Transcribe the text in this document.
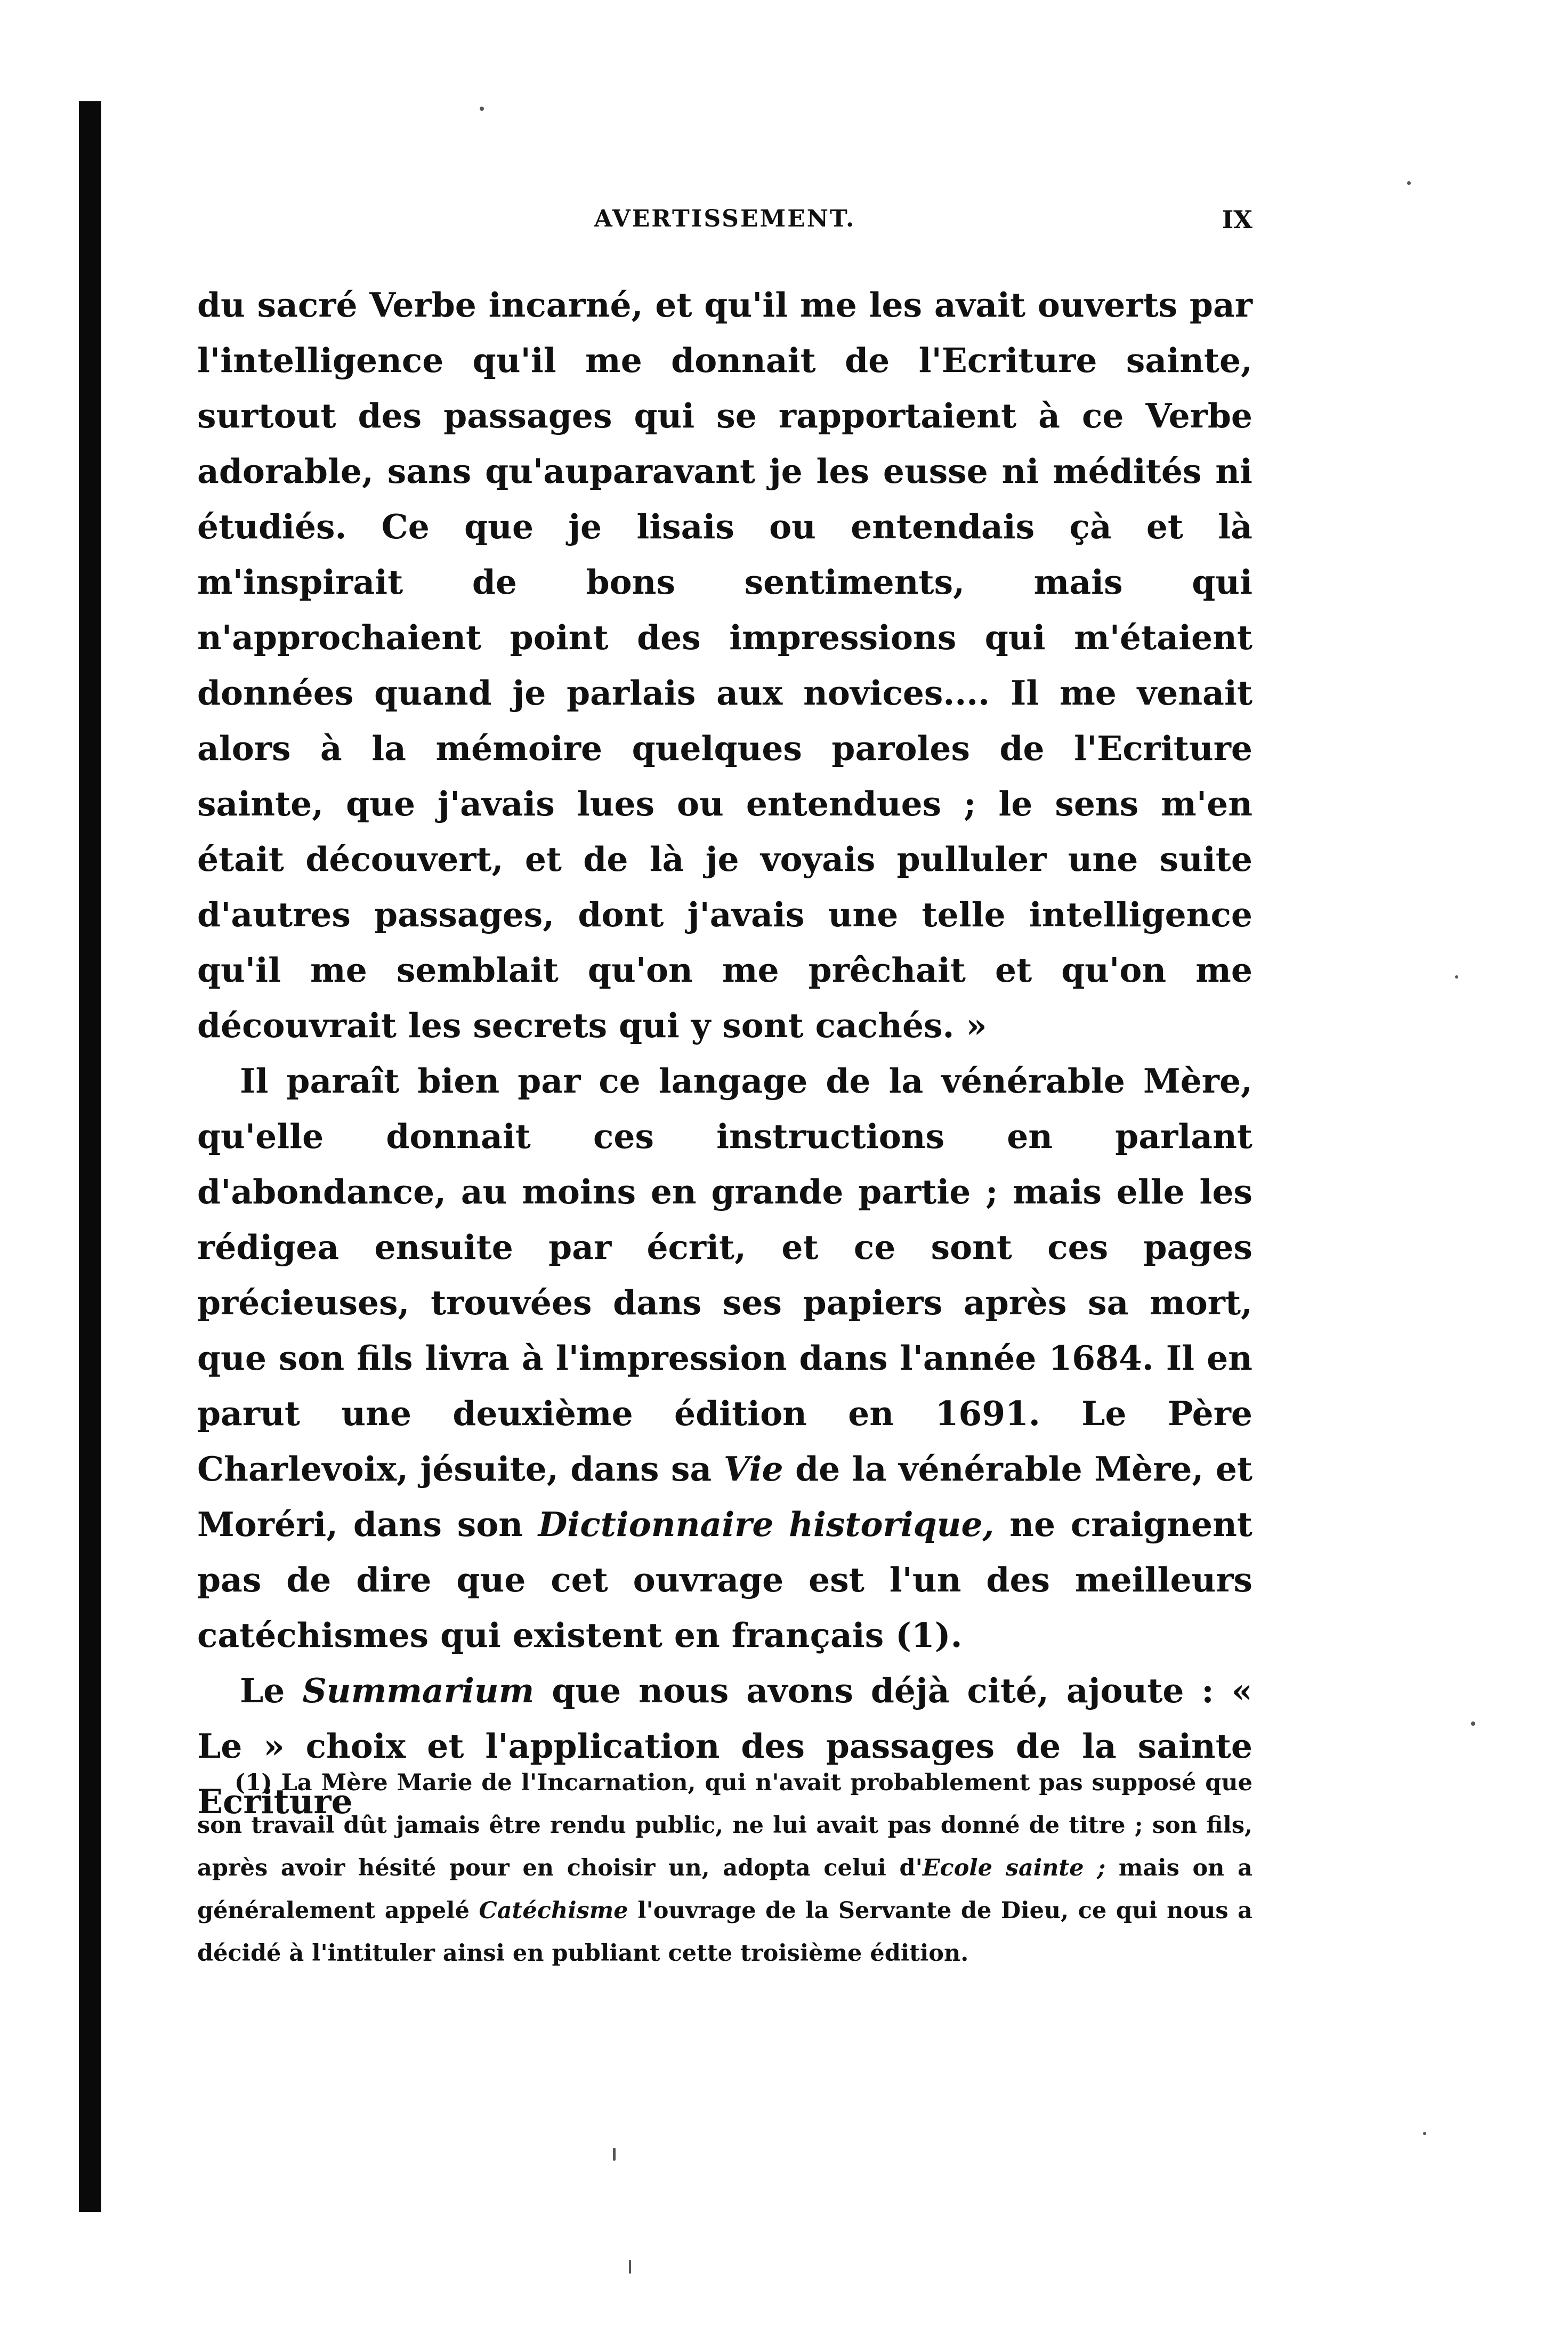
AVERTISSEMENT.	IX

du sacré Verbe incarné, et qu'il me les avait ouverts par l'intelligence qu'il me donnait de l'Ecriture sainte, surtout des passages qui se rapportaient à ce Verbe adorable, sans qu'auparavant je les eusse ni médités ni étudiés. Ce que je lisais ou entendais çà et là m'inspirait de bons sentiments, mais qui n'approchaient point des impressions qui m'étaient données quand je parlais aux novices.... Il me venait alors à la mémoire quelques paroles de l'Ecriture sainte, que j'avais lues ou entendues ; le sens m'en était découvert, et de là je voyais pulluler une suite d'autres passages, dont j'avais une telle intelligence qu'il me semblait qu'on me prêchait et qu'on me découvrait les secrets qui y sont cachés. »

Il paraît bien par ce langage de la vénérable Mère, qu'elle donnait ces instructions en parlant d'abondance, au moins en grande partie ; mais elle les rédigea ensuite par écrit, et ce sont ces pages précieuses, trouvées dans ses papiers après sa mort, que son fils livra à l'impression dans l'année 1684. Il en parut une deuxième édition en 1691. Le Père Charlevoix, jésuite, dans sa Vie de la vénérable Mère, et Moréri, dans son Dictionnaire historique, ne craignent pas de dire que cet ouvrage est l'un des meilleurs catéchismes qui existent en français (1).

Le Summarium que nous avons déjà cité, ajoute : « Le » choix et l'application des passages de la sainte Ecriture

(1) La Mère Marie de l'Incarnation, qui n'avait probablement pas supposé que son travail dût jamais être rendu public, ne lui avait pas donné de titre ; son fils, après avoir hésité pour en choisir un, adopta celui d'Ecole sainte ; mais on a généralement appelé Catéchisme l'ouvrage de la Servante de Dieu, ce qui nous a décidé à l'intituler ainsi en publiant cette troisième édition.
